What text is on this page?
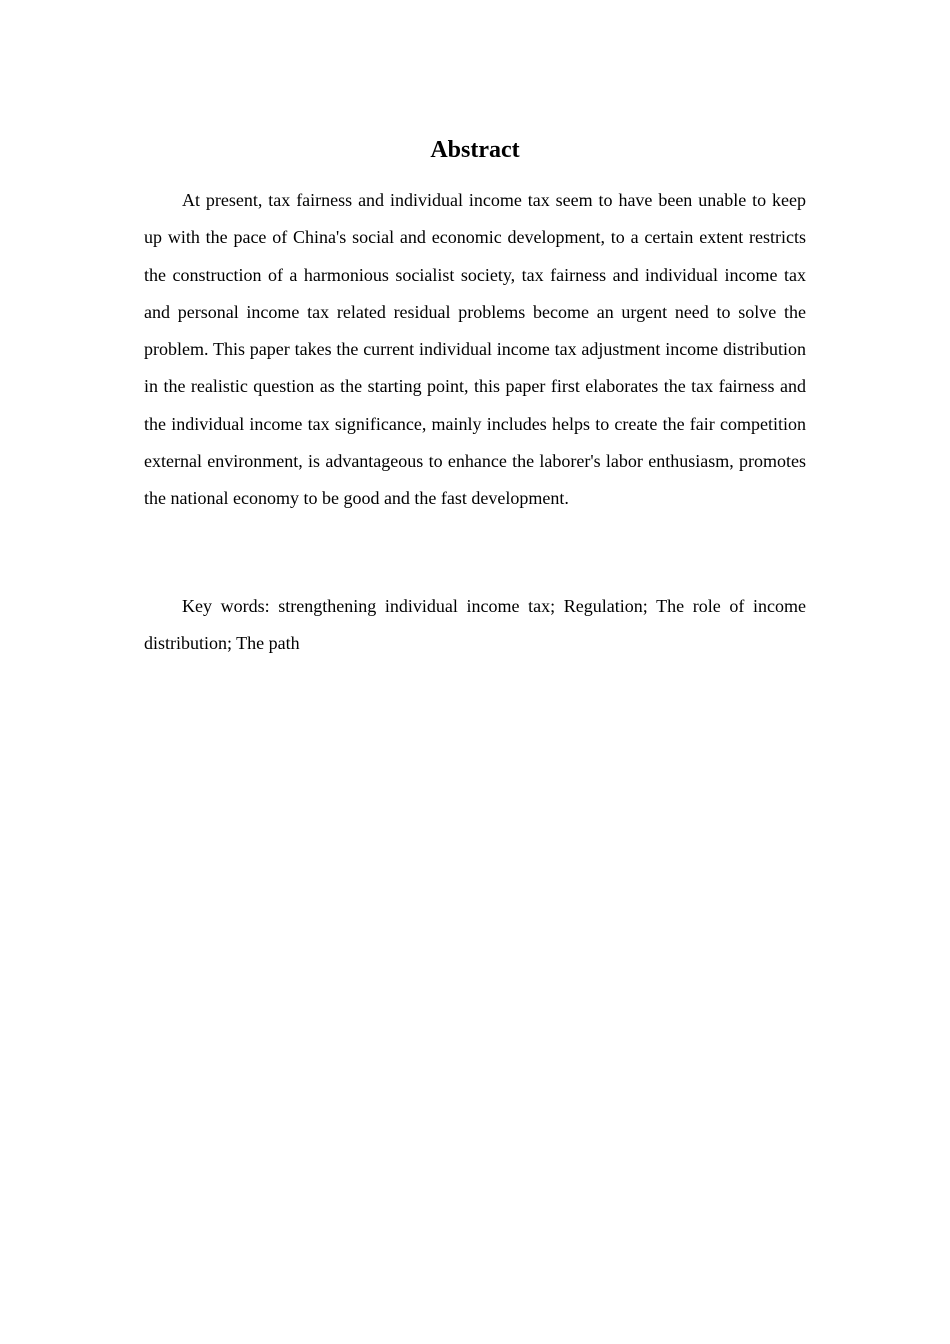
Abstract

At present, tax fairness and individual income tax seem to have been unable to keep up with the pace of China's social and economic development, to a certain extent restricts the construction of a harmonious socialist society, tax fairness and individual income tax and personal income tax related residual problems become an urgent need to solve the problem. This paper takes the current individual income tax adjustment income distribution in the realistic question as the starting point, this paper first elaborates the tax fairness and the individual income tax significance, mainly includes helps to create the fair competition external environment, is advantageous to enhance the laborer's labor enthusiasm, promotes the national economy to be good and the fast development.

Key words: strengthening individual income tax; Regulation; The role of income distribution; The path
